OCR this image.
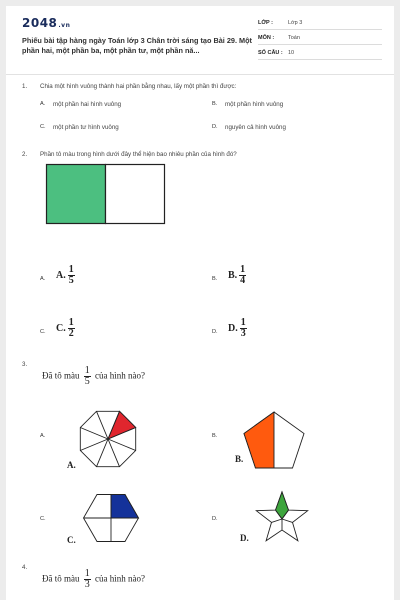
2048.vn
Phiếu bài tập hàng ngày Toán lớp 3 Chân trời sáng tạo Bài 29. Một phần hai, một phần ba, một phần tư, một phần nă...
LỚP :	Lớp 3
MÔN :	Toán
SỐ CÂU : 10
1. Chia một hình vuông thành hai phần bằng nhau, lấy một phần thì được:
A. một phần hai hình vuông	B. một phần hình vuông
C. một phần tư hình vuông	D. nguyên cả hình vuông
2. Phần tô màu trong hình dưới đây thể hiện bao nhiêu phần của hình đó?
A. A. $\frac{1}{5}$	B. B. $\frac{1}{4}$
C. C. $\frac{1}{2}$	D. D. $\frac{1}{3}$
3.
Đã tô màu $\frac{1}{5}$ của hình nào?
A.
A.
B.
B.
C.
C.
D.
D.
4.
Đã tô màu $\frac{1}{3}$ của hình nào?
